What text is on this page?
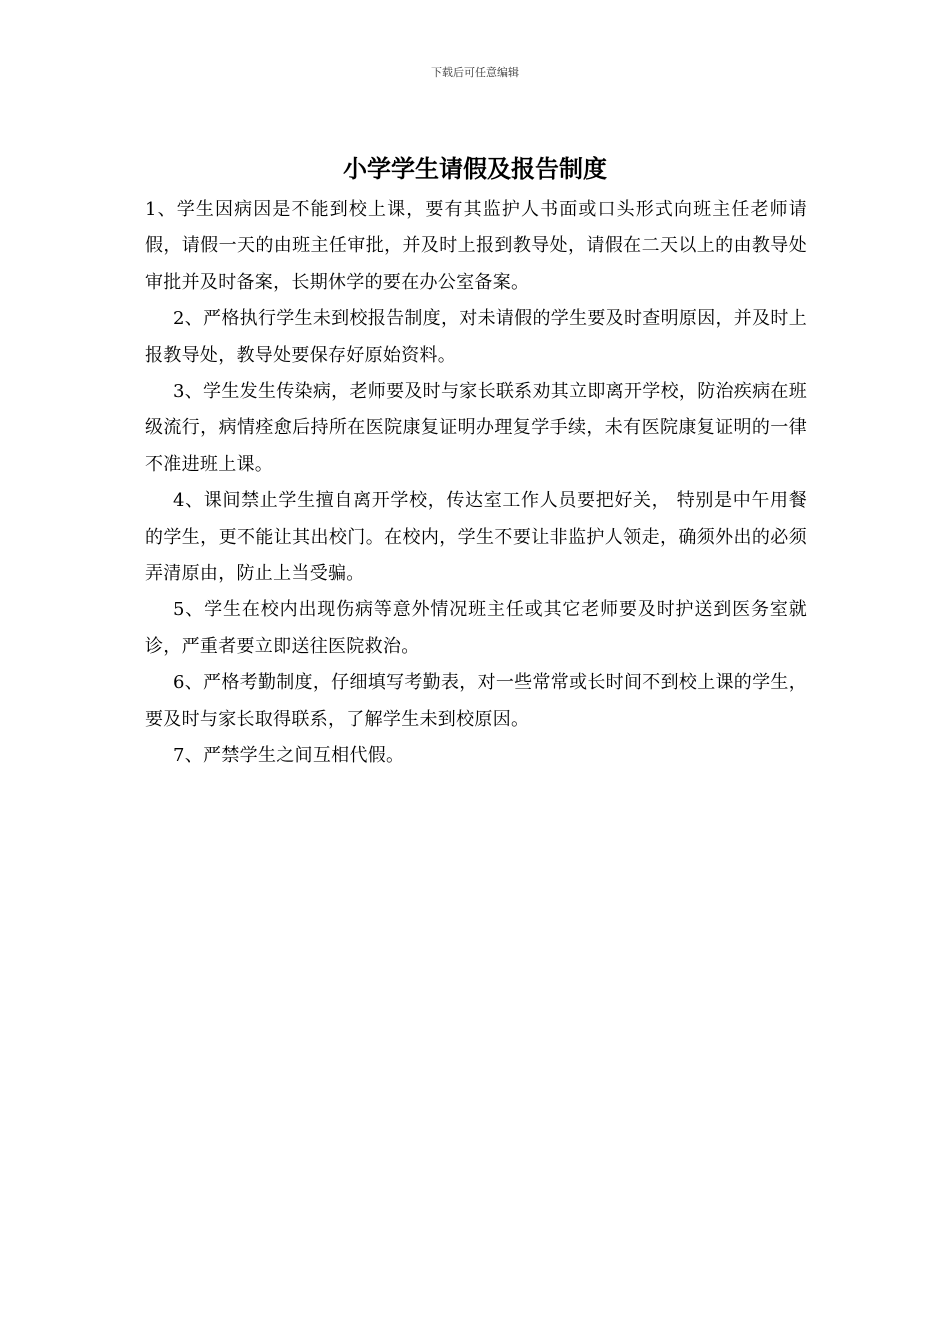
下载后可任意编辑
小学学生请假及报告制度

1、学生因病因是不能到校上课，要有其监护人书面或口头形式向班主任老师请假，请假一天的由班主任审批，并及时上报到教导处，请假在二天以上的由教导处审批并及时备案，长期休学的要在办公室备案。

2、严格执行学生未到校报告制度，对未请假的学生要及时查明原因，并及时上报教导处，教导处要保存好原始资料。

3、学生发生传染病，老师要及时与家长联系劝其立即离开学校，防治疾病在班级流行，病情痊愈后持所在医院康复证明办理复学手续，未有医院康复证明的一律不准进班上课。

4、课间禁止学生擅自离开学校，传达室工作人员要把好关， 特别是中午用餐的学生，更不能让其出校门。在校内，学生不要让非监护人领走，确须外出的必须弄清原由，防止上当受骗。

5、学生在校内出现伤病等意外情况班主任或其它老师要及时护送到医务室就诊，严重者要立即送往医院救治。

6、严格考勤制度，仔细填写考勤表，对一些常常或长时间不到校上课的学生，要及时与家长取得联系，了解学生未到校原因。

7、严禁学生之间互相代假。
